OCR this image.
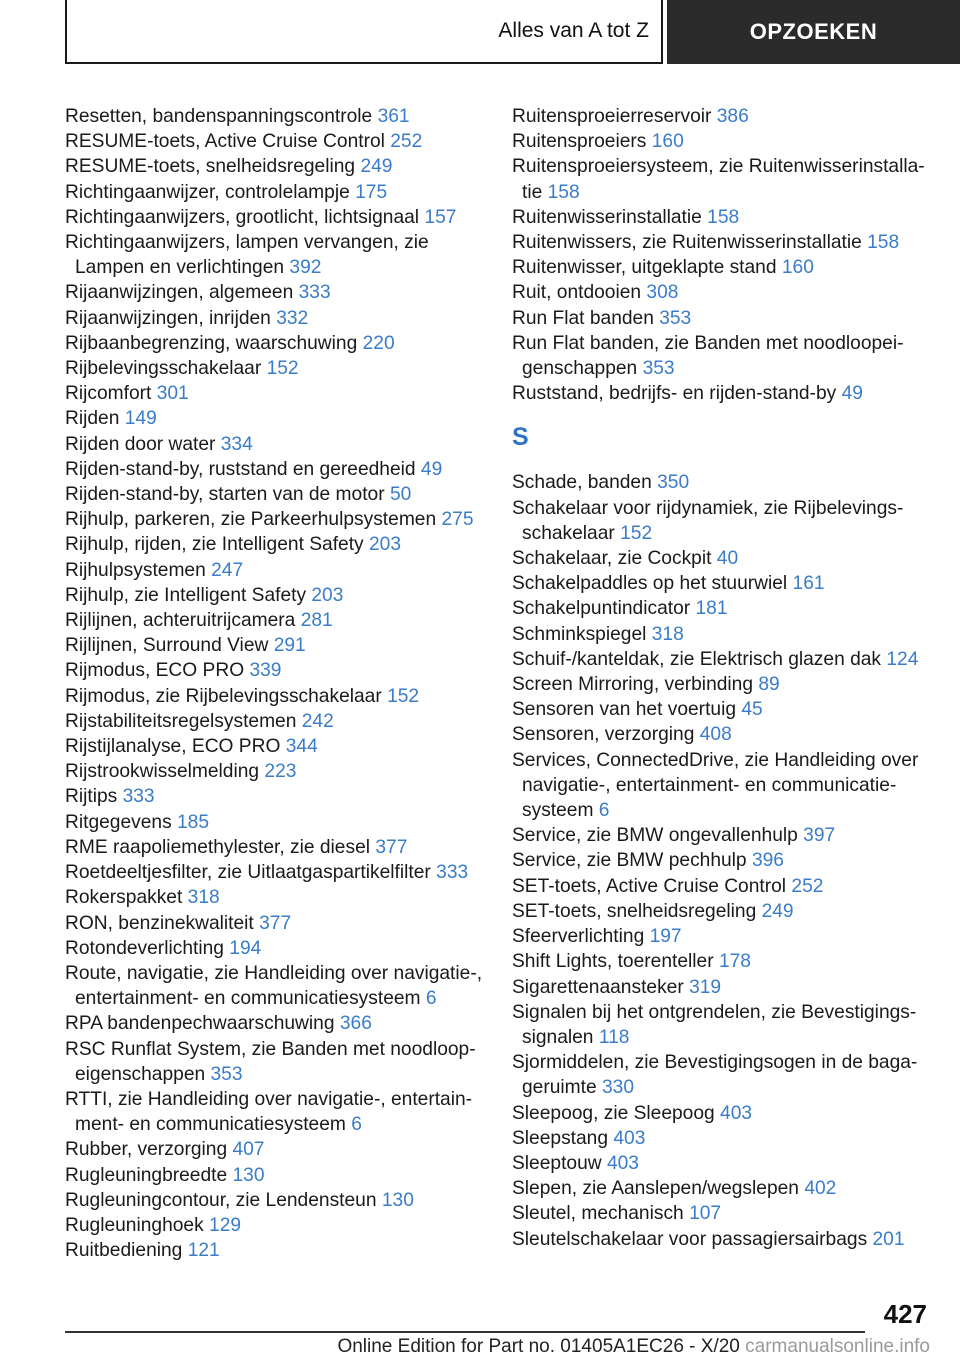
Alles van A tot Z	OPZOEKEN
Resetten, bandenspanningscontrole 361
RESUME-toets, Active Cruise Control 252
RESUME-toets, snelheidsregeling 249
Richtingaanwijzer, controlelampje 175
Richtingaanwijzers, grootlicht, lichtsignaal 157
Richtingaanwijzers, lampen vervangen, zie Lampen en verlichtingen 392
Rijaanwijzingen, algemeen 333
Rijaanwijzingen, inrijden 332
Rijbaanbegrenzing, waarschuwing 220
Rijbelevingsschakelaar 152
Rijcomfort 301
Rijden 149
Rijden door water 334
Rijden-stand-by, ruststand en gereedheid 49
Rijden-stand-by, starten van de motor 50
Rijhulp, parkeren, zie Parkeerhulpsystemen 275
Rijhulp, rijden, zie Intelligent Safety 203
Rijhulpsystemen 247
Rijhulp, zie Intelligent Safety 203
Rijlijnen, achteruitrijcamera 281
Rijlijnen, Surround View 291
Rijmodus, ECO PRO 339
Rijmodus, zie Rijbelevingsschakelaar 152
Rijstabiliteitsregelsystemen 242
Rijstijlanalyse, ECO PRO 344
Rijstrookwisselmelding 223
Rijtips 333
Ritgegevens 185
RME raapoliemethylester, zie diesel 377
Roetdeeltjesfilter, zie Uitlaatgaspartikelfilter 333
Rokerspakket 318
RON, benzinekwaliteit 377
Rotondeverlichting 194
Route, navigatie, zie Handleiding over navigatie-, entertainment- en communicatiesysteem 6
RPA bandenpechwaarschuwing 366
RSC Runflat System, zie Banden met noodloop-eigenschappen 353
RTTI, zie Handleiding over navigatie-, entertain-ment- en communicatiesysteem 6
Rubber, verzorging 407
Rugleuningbreedte 130
Rugleuningcontour, zie Lendensteun 130
Rugleuninghoek 129
Ruitbediening 121
Ruitensproeierreservoir 386
Ruitensproeiers 160
Ruitensproeiersysteem, zie Ruitenwisserinstalla-tie 158
Ruitenwisserinstallatie 158
Ruitenwissers, zie Ruitenwisserinstallatie 158
Ruitenwisser, uitgeklapte stand 160
Ruit, ontdooien 308
Run Flat banden 353
Run Flat banden, zie Banden met noodloopei-genschappen 353
Ruststand, bedrijfs- en rijden-stand-by 49
S
Schade, banden 350
Schakelaar voor rijdynamiek, zie Rijbelevings-schakelaar 152
Schakelaar, zie Cockpit 40
Schakelpaddles op het stuurwiel 161
Schakelpuntindicator 181
Schminkspiegel 318
Schuif-/kanteldak, zie Elektrisch glazen dak 124
Screen Mirroring, verbinding 89
Sensoren van het voertuig 45
Sensoren, verzorging 408
Services, ConnectedDrive, zie Handleiding over navigatie-, entertainment- en communicatie-systeem 6
Service, zie BMW ongevallenhulp 397
Service, zie BMW pechhulp 396
SET-toets, Active Cruise Control 252
SET-toets, snelheidsregeling 249
Sfeerverlichting 197
Shift Lights, toerenteller 178
Sigarettenaansteker 319
Signalen bij het ontgrendelen, zie Bevestigings-signalen 118
Sjormiddelen, zie Bevestigingsogen in de baga-geruimte 330
Sleepoog, zie Sleepoog 403
Sleepstang 403
Sleeptouw 403
Slepen, zie Aanslepen/wegslepen 402
Sleutel, mechanisch 107
Sleutelschakelaar voor passagiersairbags 201
427
Online Edition for Part no. 01405A1EC26 - X/20 carmanualsonline.info
